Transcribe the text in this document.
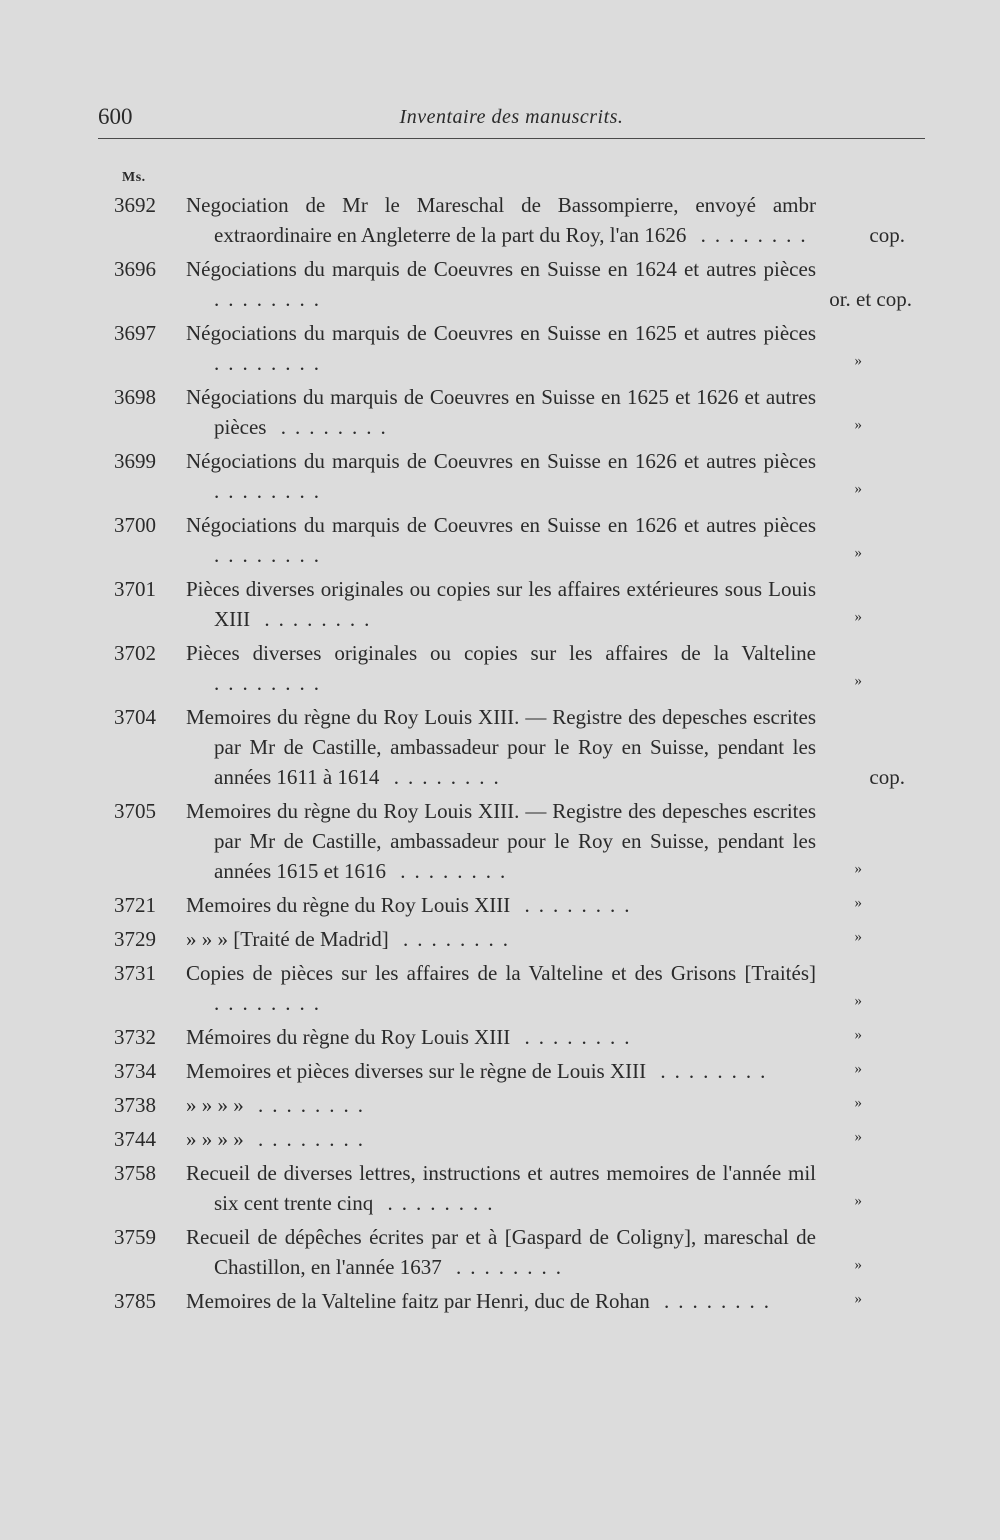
600	Inventaire des manuscrits.
Ms.
3692 Negociation de Mr le Mareschal de Bassompierre, envoyé ambr extraordinaire en Angleterre de la part du Roy, l'an 1626 ........	cop.
3696 Négociations du marquis de Coeuvres en Suisse en 1624 et autres pièces ........	or. et cop.
3697 Négociations du marquis de Coeuvres en Suisse en 1625 et autres pièces ........	»
3698 Négociations du marquis de Coeuvres en Suisse en 1625 et 1626 et autres pièces ........	»
3699 Négociations du marquis de Coeuvres en Suisse en 1626 et autres pièces ........	»
3700 Négociations du marquis de Coeuvres en Suisse en 1626 et autres pièces ........	»
3701 Pièces diverses originales ou copies sur les affaires extérieures sous Louis XIII ........	»
3702 Pièces diverses originales ou copies sur les affaires de la Valteline ........	»
3704 Memoires du règne du Roy Louis XIII. — Registre des depesches escrites par Mr de Castille, ambassadeur pour le Roy en Suisse, pendant les années 1611 à 1614 ........	cop.
3705 Memoires du règne du Roy Louis XIII. — Registre des depesches escrites par Mr de Castille, ambassadeur pour le Roy en Suisse, pendant les années 1615 et 1616 ........	»
3721 Memoires du règne du Roy Louis XIII ........	»
3729 » » » [Traité de Madrid] ........	»
3731 Copies de pièces sur les affaires de la Valteline et des Grisons [Traités] ........	»
3732 Mémoires du règne du Roy Louis XIII ........	»
3734 Memoires et pièces diverses sur le règne de Louis XIII ........	»
3738 » » » » ........	»
3744 » » » » ........	»
3758 Recueil de diverses lettres, instructions et autres memoires de l'année mil six cent trente cinq ........	»
3759 Recueil de dépêches écrites par et à [Gaspard de Coligny], mareschal de Chastillon, en l'année 1637 ........	»
3785 Memoires de la Valteline faitz par Henri, duc de Rohan ........	»
